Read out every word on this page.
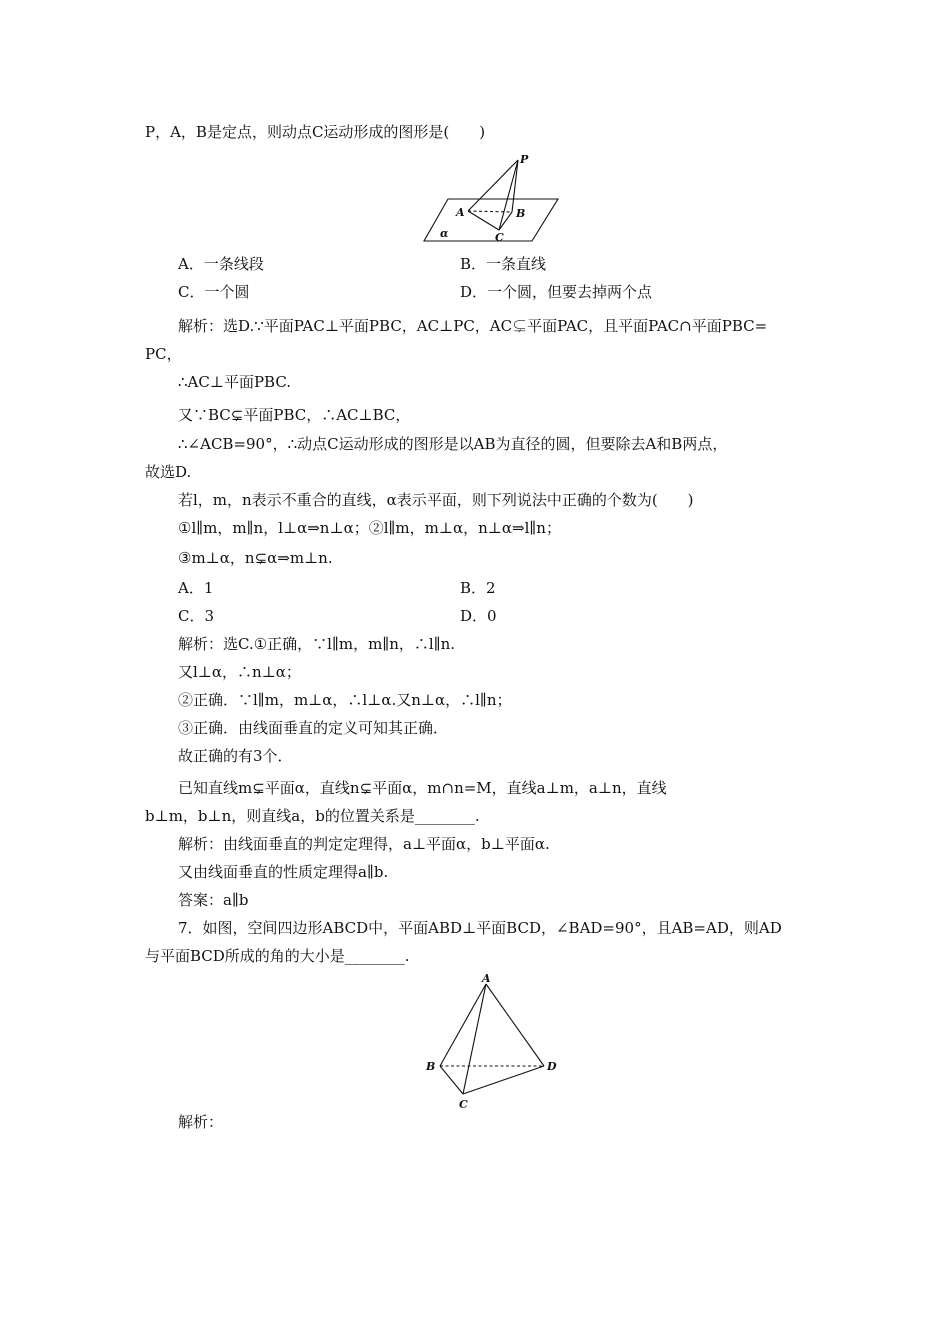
P，A，B是定点，则动点C运动形成的图形是(　　)
P
A	B
C
α
A．一条线段	B．一条直线
C．一个圆	D．一个圆，但要去掉两个点
解析：选D.∵平面PAC⊥平面PBC，AC⊥PC，AC⊊平面PAC，且平面PAC∩平面PBC=
PC，
∴AC⊥平面PBC.
又∵BC⊊平面PBC，∴AC⊥BC，
∴∠ACB=90°，∴动点C运动形成的图形是以AB为直径的圆，但要除去A和B两点，
故选D.
若l，m，n表示不重合的直线，α表示平面，则下列说法中正确的个数为(　　)
①l∥m，m∥n，l⊥α⇒n⊥α；②l∥m，m⊥α，n⊥α⇒l∥n；
③m⊥α，n⊊α⇒m⊥n.
A．1	B．2
C．3	D．0
解析：选C.①正确，∵l∥m，m∥n，∴l∥n.
又l⊥α，∴n⊥α；
②正确．∵l∥m，m⊥α，∴l⊥α.又n⊥α，∴l∥n；
③正确．由线面垂直的定义可知其正确．
故正确的有3个．
已知直线m⊊平面α，直线n⊊平面α，m∩n=M，直线a⊥m，a⊥n，直线
b⊥m，b⊥n，则直线a，b的位置关系是________.
解析：由线面垂直的判定定理得，a⊥平面α，b⊥平面α.
又由线面垂直的性质定理得a∥b.
答案：a∥b
7．如图，空间四边形ABCD中，平面ABD⊥平面BCD，∠BAD=90°，且AB=AD，则AD
与平面BCD所成的角的大小是________.
A
B
C
D
解析：
